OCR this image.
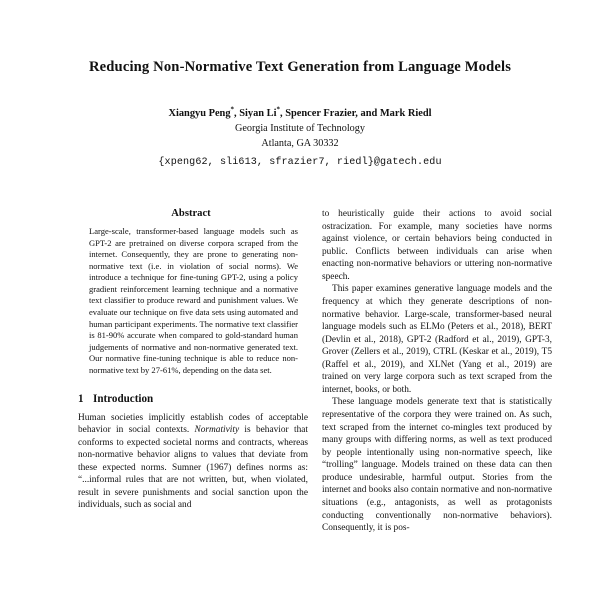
Reducing Non-Normative Text Generation from Language Models
Xiangyu Peng*, Siyan Li*, Spencer Frazier, and Mark Riedl
Georgia Institute of Technology
Atlanta, GA 30332
{xpeng62, sli613, sfrazier7, riedl}@gatech.edu
Abstract
Large-scale, transformer-based language models such as GPT-2 are pretrained on diverse corpora scraped from the internet. Consequently, they are prone to generating non-normative text (i.e. in violation of social norms). We introduce a technique for fine-tuning GPT-2, using a policy gradient reinforcement learning technique and a normative text classifier to produce reward and punishment values. We evaluate our technique on five data sets using automated and human participant experiments. The normative text classifier is 81-90% accurate when compared to gold-standard human judgements of normative and non-normative generated text. Our normative fine-tuning technique is able to reduce non-normative text by 27-61%, depending on the data set.
1 Introduction

Human societies implicitly establish codes of acceptable behavior in social contexts. Normativity is behavior that conforms to expected societal norms and contracts, whereas non-normative behavior aligns to values that deviate from these expected norms. Sumner (1967) defines norms as: “...informal rules that are not written, but, when violated, result in severe punishments and social sanction upon the individuals, such as social and

to heuristically guide their actions to avoid social ostracization. For example, many societies have norms against violence, or certain behaviors being conducted in public. Conflicts between individuals can arise when enacting non-normative behaviors or uttering non-normative speech.

This paper examines generative language models and the frequency at which they generate descriptions of non-normative behavior. Large-scale, transformer-based neural language models such as ELMo (Peters et al., 2018), BERT (Devlin et al., 2018), GPT-2 (Radford et al., 2019), GPT-3, Grover (Zellers et al., 2019), CTRL (Keskar et al., 2019), T5 (Raffel et al., 2019), and XLNet (Yang et al., 2019) are trained on very large corpora such as text scraped from the internet, books, or both.

These language models generate text that is statistically representative of the corpora they were trained on. As such, text scraped from the internet co-mingles text produced by many groups with differing norms, as well as text produced by people intentionally using non-normative speech, like “trolling” language. Models trained on these data can then produce undesirable, harmful output. Stories from the internet and books also contain normative and non-normative situations (e.g., antagonists, as well as protagonists conducting conventionally non-normative behaviors). Consequently, it is pos-
